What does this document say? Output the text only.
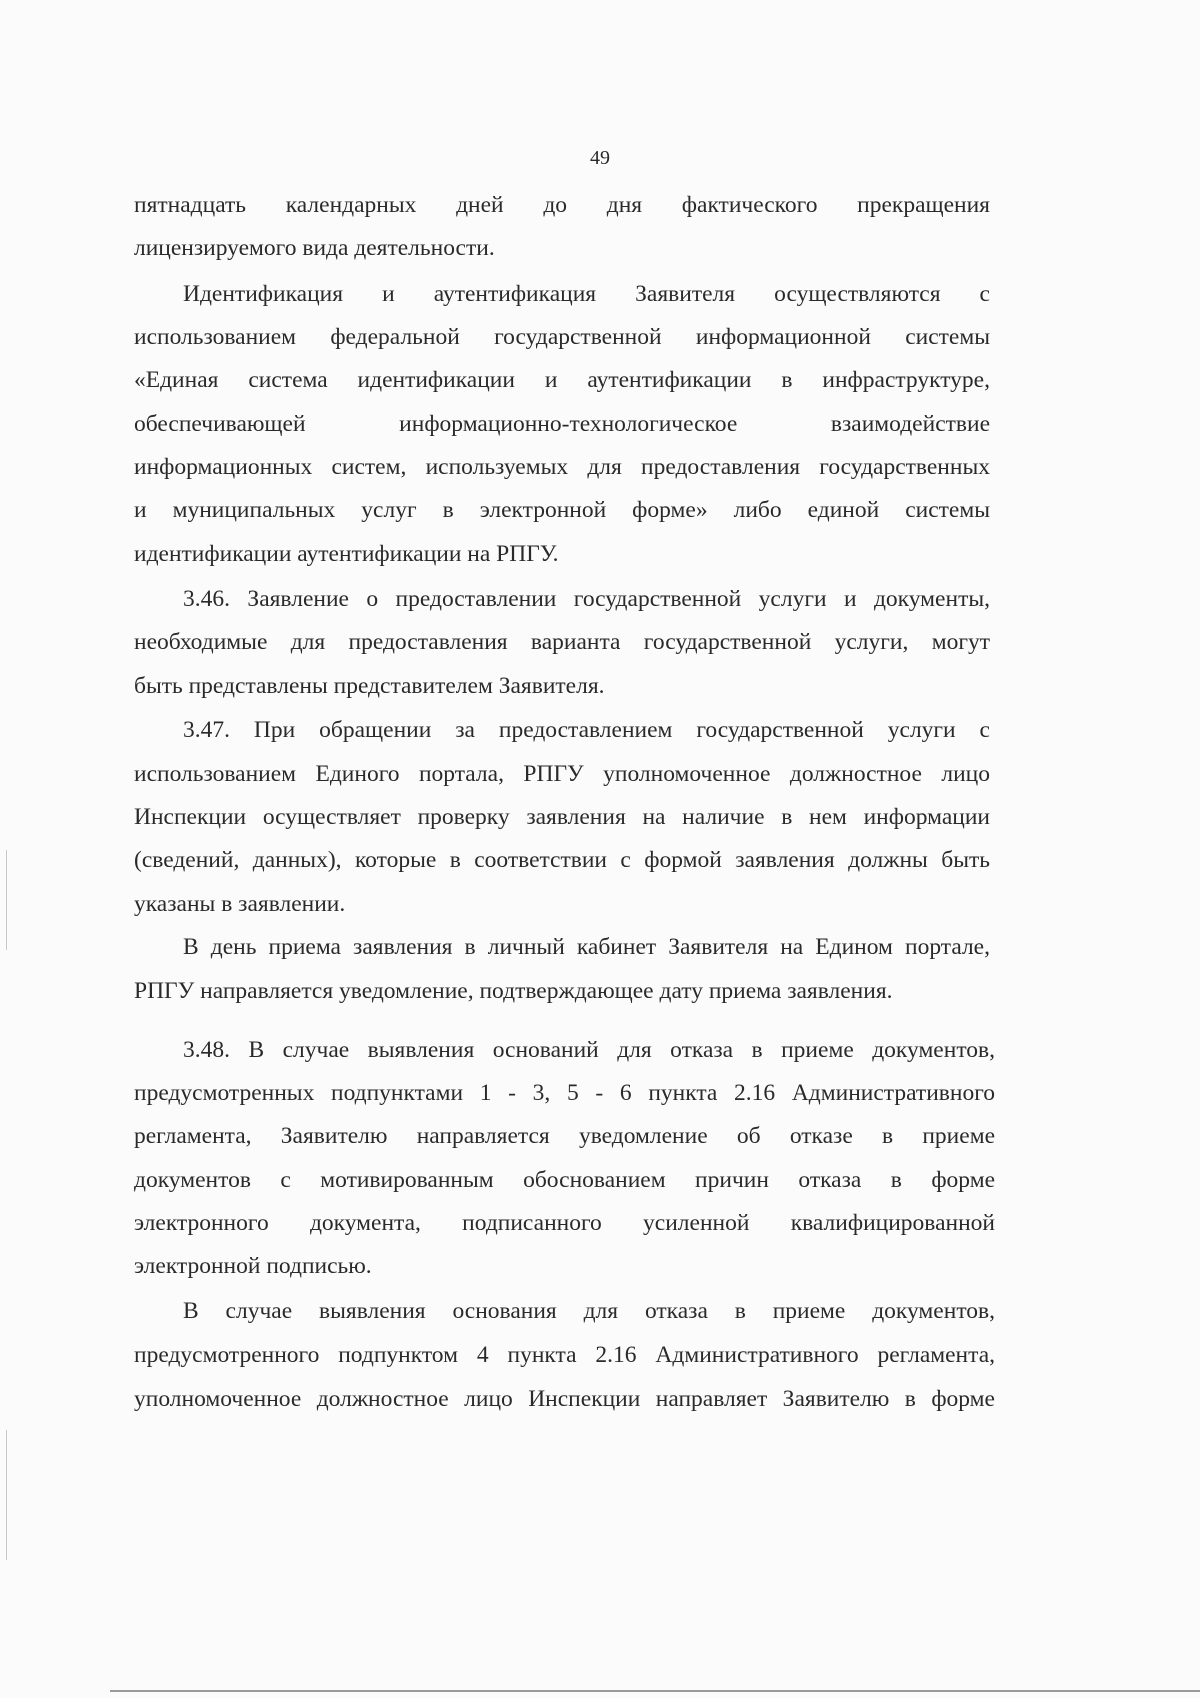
49
пятнадцать календарных дней до дня фактического прекращения
лицензируемого вида деятельности.
Идентификация и аутентификация Заявителя осуществляются с
использованием федеральной государственной информационной системы
«Единая система идентификации и аутентификации в инфраструктуре,
обеспечивающей информационно-технологическое взаимодействие
информационных систем, используемых для предоставления государственных
и муниципальных услуг в электронной форме» либо единой системы
идентификации аутентификации на РПГУ.
3.46. Заявление о предоставлении государственной услуги и документы,
необходимые для предоставления варианта государственной услуги, могут
быть представлены представителем Заявителя.
3.47. При обращении за предоставлением государственной услуги с
использованием Единого портала, РПГУ уполномоченное должностное лицо
Инспекции осуществляет проверку заявления на наличие в нем информации
(сведений, данных), которые в соответствии с формой заявления должны быть
указаны в заявлении.
В день приема заявления в личный кабинет Заявителя на Едином портале,
РПГУ направляется уведомление, подтверждающее дату приема заявления.
3.48. В случае выявления оснований для отказа в приеме документов,
предусмотренных подпунктами 1 - 3, 5 - 6 пункта 2.16 Административного
регламента, Заявителю направляется уведомление об отказе в приеме
документов с мотивированным обоснованием причин отказа в форме
электронного документа, подписанного усиленной квалифицированной
электронной подписью.
В случае выявления основания для отказа в приеме документов,
предусмотренного подпунктом 4 пункта 2.16 Административного регламента,
уполномоченное должностное лицо Инспекции направляет Заявителю в форме
